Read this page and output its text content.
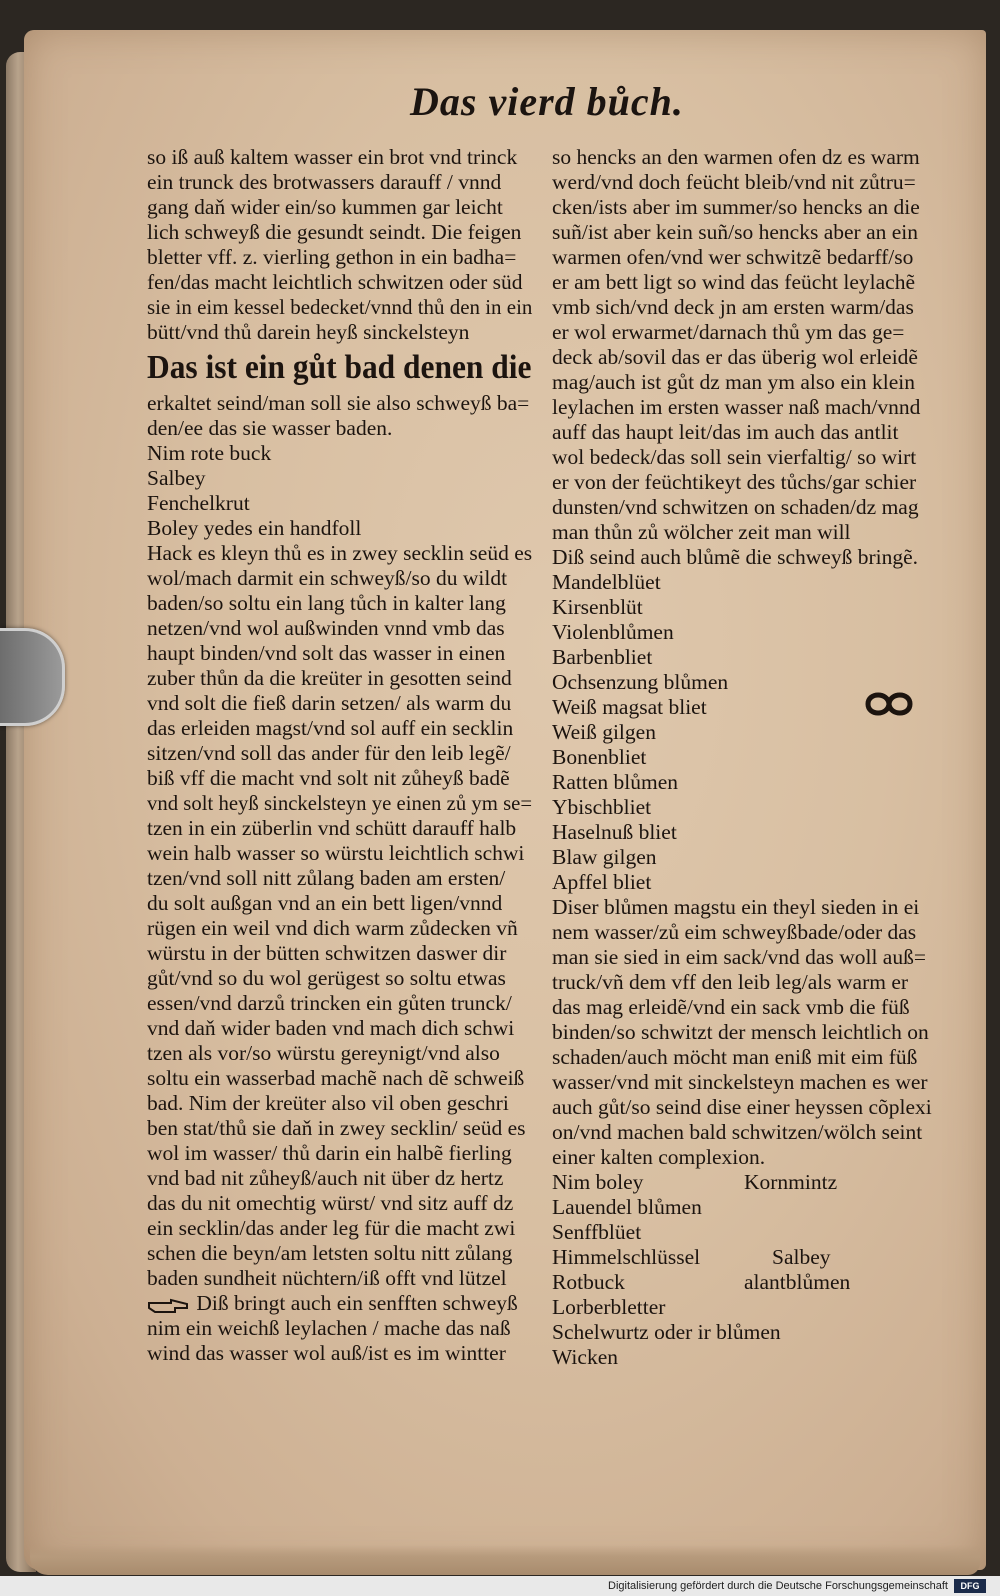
Das vierd bůch.
so iß auß kaltem wasser ein brot vnd trinck
ein trunck des brotwassers darauff / vnnd
gang daň wider ein/so kummen gar leicht
lich schweyß die gesundt seindt. Die feigen
bletter vff. z. vierling gethon in ein badha=
fen/das macht leichtlich schwitzen oder süd
sie in eim kessel bedecket/vnnd thů den in ein
bütt/vnd thů darein heyß sinckelsteyn
Das ist ein gůt bad denen die
erkaltet seind/man soll sie also schweyß ba=
den/ee das sie wasser baden.
Nim rote buck
Salbey
Fenchelkrut
Boley yedes ein handfoll
Hack es kleyn thů es in zwey secklin seüd es
wol/mach darmit ein schweyß/so du wildt
baden/so soltu ein lang tůch in kalter lang
netzen/vnd wol außwinden vnnd vmb das
haupt binden/vnd solt das wasser in einen
zuber thůn da die kreüter in gesotten seind
vnd solt die fieß darin setzen/ als warm du
das erleiden magst/vnd sol auff ein secklin
sitzen/vnd soll das ander für den leib legẽ/
biß vff die macht vnd solt nit zůheyß badẽ
vnd solt heyß sinckelsteyn ye einen zů ym se=
tzen in ein züberlin vnd schütt darauff halb
wein halb wasser so würstu leichtlich schwi
tzen/vnd soll nitt zůlang baden am ersten/
du solt außgan vnd an ein bett ligen/vnnd
rügen ein weil vnd dich warm zůdecken vñ
würstu in der bütten schwitzen daswer dir
gůt/vnd so du wol gerügest so soltu etwas
essen/vnd darzů trincken ein gůten trunck/
vnd daň wider baden vnd mach dich schwi
tzen als vor/so würstu gereynigt/vnd also
soltu ein wasserbad machẽ nach dẽ schweiß
bad. Nim der kreüter also vil oben geschri
ben stat/thů sie daň in zwey secklin/ seüd es
wol im wasser/ thů darin ein halbẽ fierling
vnd bad nit zůheyß/auch nit über dz hertz
das du nit omechtig würst/ vnd sitz auff dz
ein secklin/das ander leg für die macht zwi
schen die beyn/am letsten soltu nitt zůlang
baden sundheit nüchtern/iß offt vnd lützel
Diß bringt auch ein senfften schweyß
nim ein weichß leylachen / mache das naß
wind das wasser wol auß/ist es im wintter
so hencks an den warmen ofen dz es warm
werd/vnd doch feücht bleib/vnd nit zůtru=
cken/ists aber im summer/so hencks an die
suñ/ist aber kein suñ/so hencks aber an ein
warmen ofen/vnd wer schwitzẽ bedarff/so
er am bett ligt so wind das feücht leylachẽ
vmb sich/vnd deck jn am ersten warm/das
er wol erwarmet/darnach thů ym das ge=
deck ab/sovil das er das überig wol erleidẽ
mag/auch ist gůt dz man ym also ein klein
leylachen im ersten wasser naß mach/vnnd
auff das haupt leit/das im auch das antlit
wol bedeck/das soll sein vierfaltig/ so wirt
er von der feüchtikeyt des tůchs/gar schier
dunsten/vnd schwitzen on schaden/dz mag
man thůn zů wölcher zeit man will
Diß seind auch blůmẽ die schweyß bringẽ.
Mandelblüet
Kirsenblüt
Violenblůmen
Barbenbliet
Ochsenzung blůmen
Weiß magsat bliet
Weiß gilgen
Bonenbliet
Ratten blůmen
Ybischbliet
Haselnuß bliet
Blaw gilgen
Apffel bliet
Diser blůmen magstu ein theyl sieden in ei
nem wasser/zů eim schweyßbade/oder das
man sie sied in eim sack/vnd das woll auß=
truck/vñ dem vff den leib leg/als warm er
das mag erleidẽ/vnd ein sack vmb die füß
binden/so schwitzt der mensch leichtlich on
schaden/auch möcht man eniß mit eim füß
wasser/vnd mit sinckelsteyn machen es wer
auch gůt/so seind dise einer heyssen cõplexi
on/vnd machen bald schwitzen/wölch seint
einer kalten complexion.
Nim boley	Kornmintz
Lauendel blůmen
Senffblüet
Himmelschlüssel	Salbey
Rotbuck	alantblůmen
Lorberbletter
Schelwurtz oder ir blůmen
Wicken
Digitalisierung gefördert durch die Deutsche Forschungsgemeinschaft	DFG
